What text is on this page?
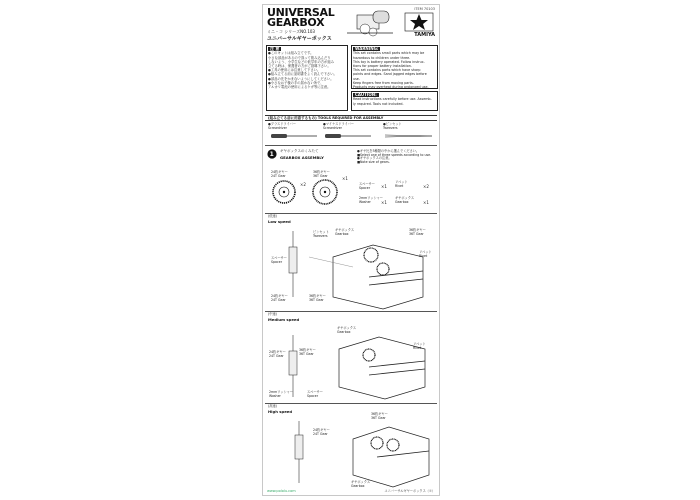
UNIVERSAL
GEARBOX
ミニ・コ シリーズNO.103
ユニバーサルギヤーボックス
ITEM 70103
TAMIYA
注 意
●このキットは組み立てです。
小さな部品があるので誤って飲み込んだり
しないよう、小学生などの低学年の方が組み
立てる時は、保護者の方がご指導下さい。
●工具の使用には注意して下さい。
●組み立てる前に説明書をよく読んで下さい。
●部品の先をかまないようにしてください。
●小さなお子様の手の届かない所で、
アルカリ電池の使用によるケガ等に注意。
WARNING:
This set contains small parts which may be
hazardous to children under three.
This toy is battery operated. Follow instruc-
tions for proper battery installation.
This set contains parts which have sharp
points and edges. Sand jagged edges before
use.
Keep fingers free from moving parts.
Products may overheat during prolonged use.
CAUTION:
Read instructions carefully before use. Assemb-
ly required. Tools not included.
(組み立てる前に用意するもの) TOOLS REQUIRED FOR ASSEMBLY
●プラスドライバー
Screwdriver
●マイナスドライバー
Screwdriver
●ピンセット
Tweezers
1 ギヤボックスのくみたて
GEARBOX ASSEMBLY
●ギヤ比を3種類の中から選んでください。
■Select one of three speeds according to use.
●ギヤボックスの注意。
■Note size of gears.
24枚ギヤー
24T Gear
×2
36枚ギヤー
36T Gear
×1
スペーサー
Spacer	×1
リベット
Rivet	×2
2mmワッシャー
Washer	×1
ギヤボックス
Gearbox	×1
(低速)
Low speed
ピンセット
Tweezers
ギヤボックス
Gearbox
36枚ギヤー
36T Gear
スペーサー
Spacer
リベット
Rivet
24枚ギヤー
24T Gear
36枚ギヤー
36T Gear
(中速)
Medium speed
ギヤボックス
Gearbox
リベット
Rivet
24枚ギヤー
24T Gear
36枚ギヤー
36T Gear
2mmワッシャー
Washer
スペーサー
Spacer
(高速)
High speed	36枚ギヤー
36T Gear
24枚ギヤー
24T Gear
ギヤボックス
Gearbox
www.pololu.com	ユニバーサルギヤーボックス（①）
